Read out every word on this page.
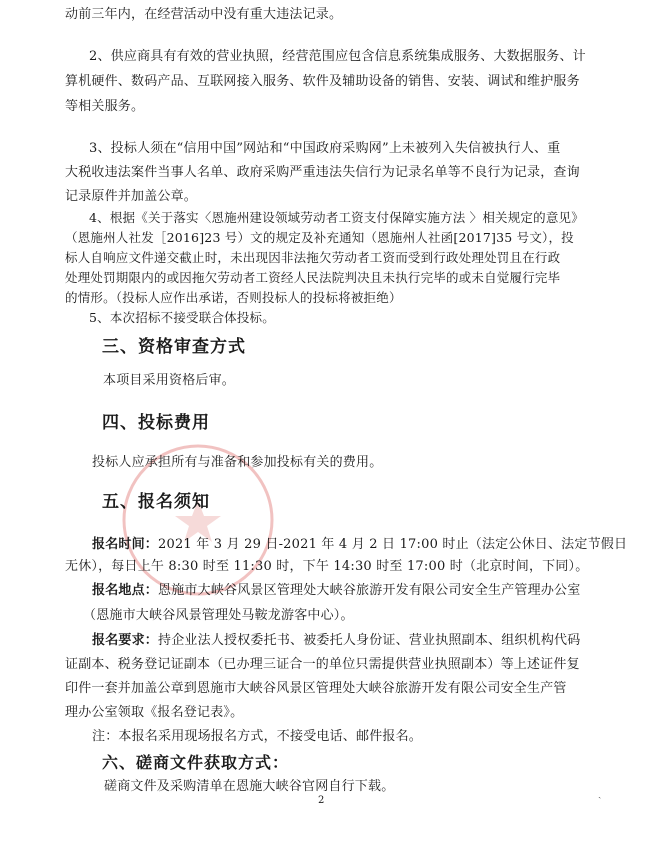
动前三年内，在经营活动中没有重大违法记录。

2、供应商具有有效的营业执照，经营范围应包含信息系统集成服务、大数据服务、计

算机硬件、数码产品、互联网接入服务、软件及辅助设备的销售、安装、调试和维护服务

等相关服务。

3、投标人须在“信用中国”网站和“中国政府采购网”上未被列入失信被执行人、重

大税收违法案件当事人名单、政府采购严重违法失信行为记录名单等不良行为记录，查询

记录原件并加盖公章。

4、根据《关于落实〈恩施州建设领域劳动者工资支付保障实施方法 〉相关规定的意见》

（恩施州人社发［2016]23 号）文的规定及补充通知（恩施州人社函[2017]35 号文），投

标人自响应文件递交截止时，未出现因非法拖欠劳动者工资而受到行政处理处罚且在行政

处理处罚期限内的或因拖欠劳动者工资经人民法院判决且未执行完毕的或未自觉履行完毕

的情形。（投标人应作出承诺，否则投标人的投标将被拒绝）

5、本次招标不接受联合体投标。

三、资格审查方式

本项目采用资格后审。

四、投标费用

投标人应承担所有与准备和参加投标有关的费用。

五、报名须知

报名时间：2021 年 3 月 29 日-2021 年 4 月 2 日 17:00 时止（法定公休日、法定节假日

无休），每日上午 8:30 时至 11:30 时，下午 14:30 时至 17:00 时（北京时间，下同）。

报名地点：恩施市大峡谷风景区管理处大峡谷旅游开发有限公司安全生产管理办公室

（恩施市大峡谷风景管理处马鞍龙游客中心）。

报名要求：持企业法人授权委托书、被委托人身份证、营业执照副本、组织机构代码

证副本、税务登记证副本（已办理三证合一的单位只需提供营业执照副本）等上述证件复

印件一套并加盖公章到恩施市大峡谷风景区管理处大峡谷旅游开发有限公司安全生产管

理办公室领取《报名登记表》。

注：本报名采用现场报名方式，不接受电话、邮件报名。

六、磋商文件获取方式：

磋商文件及采购清单在恩施大峡谷官网自行下载。

2
ˎ
